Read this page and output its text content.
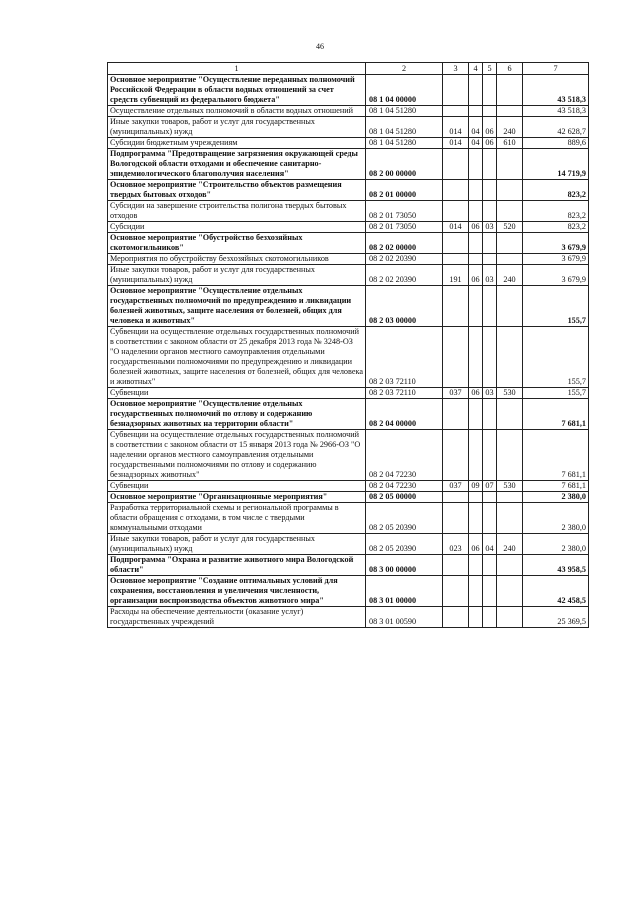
46
1	2	3	4	5	6	7
Основное мероприятие "Осуществление переданных полномочий Российской Федерации в области водных отношений за счет средств субвенций из федерального бюджета"	08 1 04 00000					43 518,3
Осуществление отдельных полномочий в области водных отношений	08 1 04 51280					43 518,3
Иные закупки товаров, работ и услуг для государственных (муниципальных) нужд	08 1 04 51280	014	04	06	240	42 628,7
Субсидии бюджетным учреждениям	08 1 04 51280	014	04	06	610	889,6
Подпрограмма "Предотвращение загрязнения окружающей среды Вологодской области отходами и обеспечение санитарно-эпидемиологического благополучия населения"	08 2 00 00000					14 719,9
Основное мероприятие "Строительство объектов размещения твердых бытовых отходов"	08 2 01 00000					823,2
Субсидии на завершение строительства полигона твердых бытовых отходов	08 2 01 73050					823,2
Субсидии	08 2 01 73050	014	06	03	520	823,2
Основное мероприятие "Обустройство безхозяйных скотомогильников"	08 2 02 00000					3 679,9
Мероприятия по обустройству безхозяйных скотомогильников	08 2 02 20390					3 679,9
Иные закупки товаров, работ и услуг для государственных (муниципальных) нужд	08 2 02 20390	191	06	03	240	3 679,9
Основное мероприятие "Осуществление отдельных государственных полномочий по предупреждению и ликвидации болезней животных, защите населения от болезней, общих для человека и животных"	08 2 03 00000					155,7
Субвенции на осуществление отдельных государственных полномочий в соответствии с законом области от 25 декабря 2013 года № 3248-ОЗ "О наделении органов местного самоуправления отдельными государственными полномочиями по предупреждению и ликвидации болезней животных, защите населения от болезней, общих для человека и животных"	08 2 03 72110					155,7
Субвенции	08 2 03 72110	037	06	03	530	155,7
Основное мероприятие "Осуществление отдельных государственных полномочий по отлову и содержанию безнадзорных животных на территории области"	08 2 04 00000					7 681,1
Субвенции на осуществление отдельных государственных полномочий в соответствии с законом области от 15 января 2013 года № 2966-ОЗ "О наделении органов местного самоуправления отдельными государственными полномочиями по отлову и содержанию безнадзорных животных"	08 2 04 72230					7 681,1
Субвенции	08 2 04 72230	037	09	07	530	7 681,1
Основное мероприятие "Организационные мероприятия"	08 2 05 00000					2 380,0
Разработка территориальной схемы и региональной программы в области обращения с отходами, в том числе с твердыми коммунальными отходами	08 2 05 20390					2 380,0
Иные закупки товаров, работ и услуг для государственных (муниципальных) нужд	08 2 05 20390	023	06	04	240	2 380,0
Подпрограмма "Охрана и развитие животного мира Вологодской области"	08 3 00 00000					43 958,5
Основное мероприятие "Создание оптимальных условий для сохранения, восстановления и увеличения численности, организации воспроизводства объектов животного мира"	08 3 01 00000					42 458,5
Расходы на обеспечение деятельности (оказание услуг) государственных учреждений	08 3 01 00590					25 369,5
